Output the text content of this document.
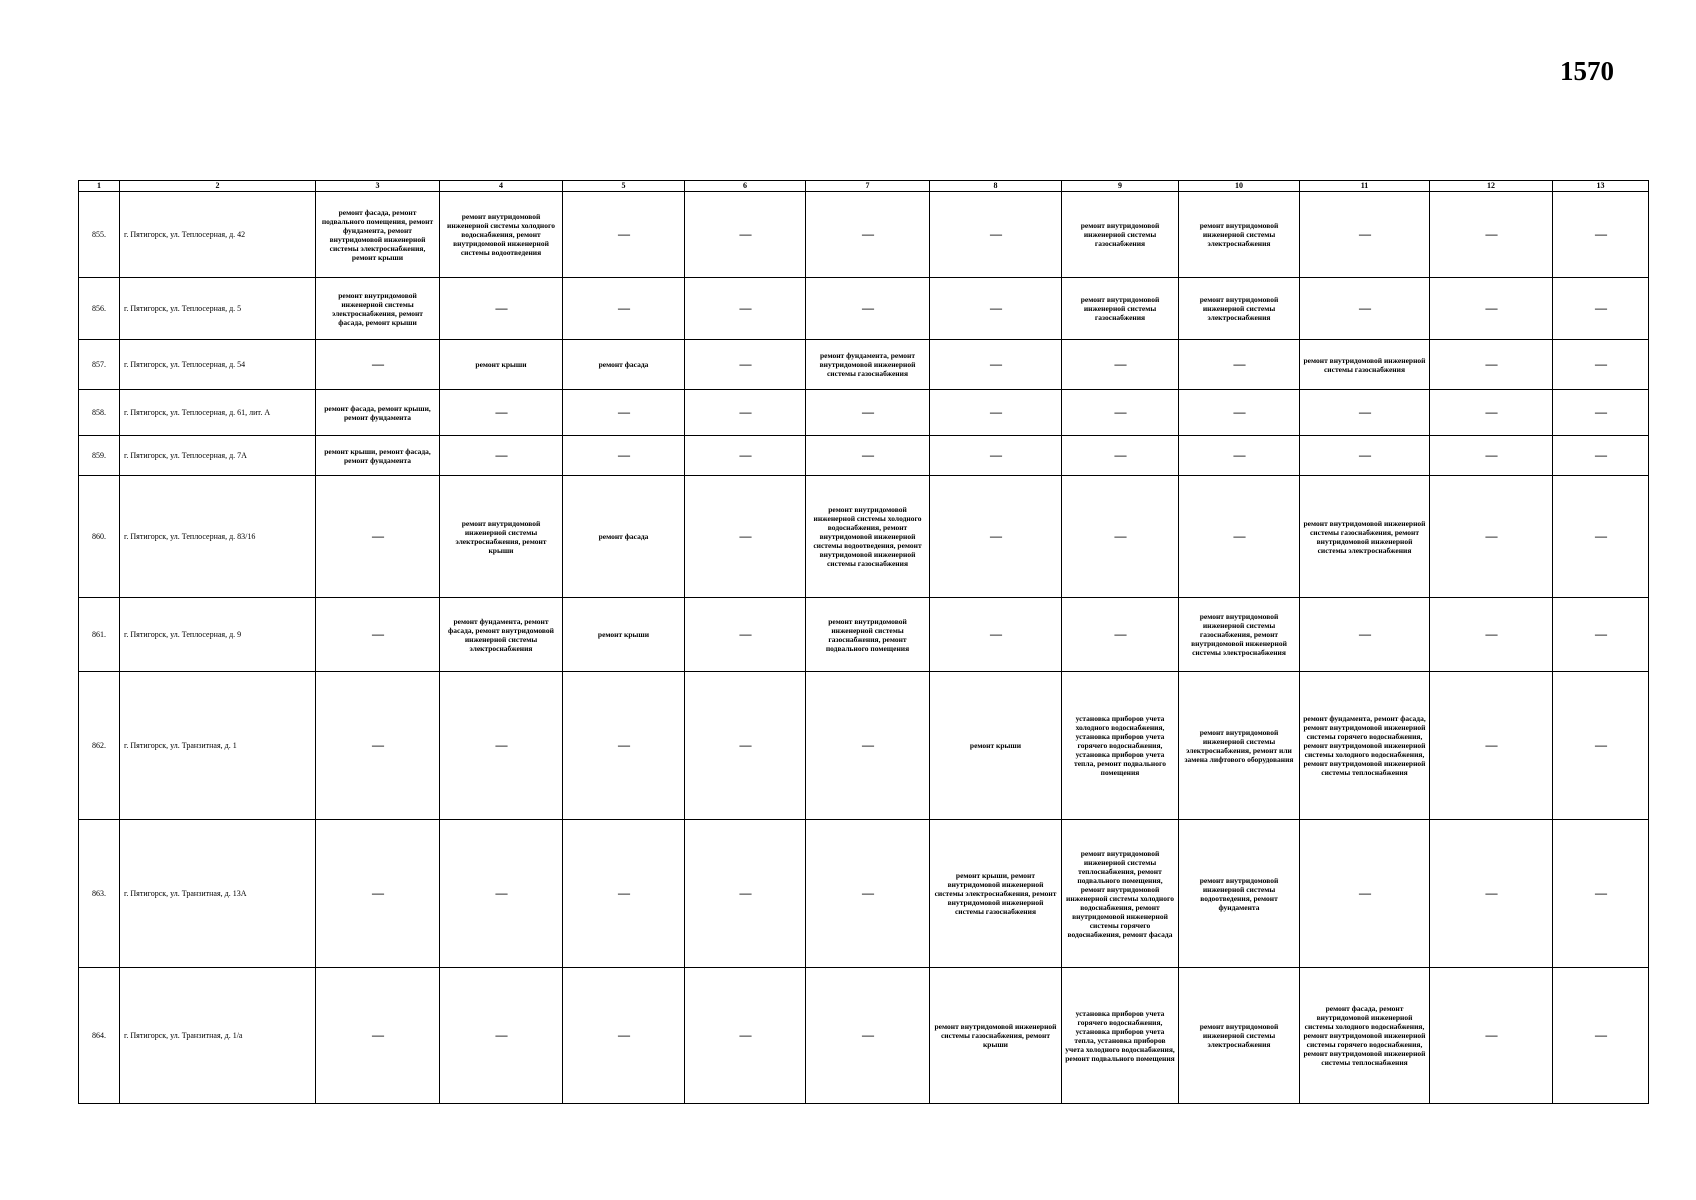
1570
1	2	3	4	5	6	7	8	9	10	11	12	13
855.	г. Пятигорск, ул. Теплосерная, д. 42	ремонт фасада, ремонт подвального помещения, ремонт фундамента, ремонт внутридомовой инженерной системы электроснабжения, ремонт крыши	ремонт внутридомовой инженерной системы холодного водоснабжения, ремонт внутридомовой инженерной системы водоотведения	—	—	—	—	ремонт внутридомовой инженерной системы газоснабжения	ремонт внутридомовой инженерной системы электроснабжения	—	—	—
856.	г. Пятигорск, ул. Теплосерная, д. 5	ремонт внутридомовой инженерной системы электроснабжения, ремонт фасада, ремонт крыши	—	—	—	—	—	ремонт внутридомовой инженерной системы газоснабжения	ремонт внутридомовой инженерной системы электроснабжения	—	—	—
857.	г. Пятигорск, ул. Теплосерная, д. 54	—	ремонт крыши	ремонт фасада	—	ремонт фундамента, ремонт внутридомовой инженерной системы газоснабжения	—	—	—	ремонт внутридомовой инженерной системы газоснабжения	—	—
858.	г. Пятигорск, ул. Теплосерная, д. 61, лит. А	ремонт фасада, ремонт крыши, ремонт фундамента	—	—	—	—	—	—	—	—	—	—
859.	г. Пятигорск, ул. Теплосерная, д. 7А	ремонт крыши, ремонт фасада, ремонт фундамента	—	—	—	—	—	—	—	—	—	—
860.	г. Пятигорск, ул. Теплосерная, д. 83/16	—	ремонт внутридомовой инженерной системы электроснабжения, ремонт крыши	ремонт фасада	—	ремонт внутридомовой инженерной системы холодного водоснабжения, ремонт внутридомовой инженерной системы водоотведения, ремонт внутридомовой инженерной системы газоснабжения	—	—	—	ремонт внутридомовой инженерной системы газоснабжения, ремонт внутридомовой инженерной системы электроснабжения	—	—
861.	г. Пятигорск, ул. Теплосерная, д. 9	—	ремонт фундамента, ремонт фасада, ремонт внутридомовой инженерной системы электроснабжения	ремонт крыши	—	ремонт внутридомовой инженерной системы газоснабжения, ремонт подвального помещения	—	—	ремонт внутридомовой инженерной системы газоснабжения, ремонт внутридомовой инженерной системы электроснабжения	—	—	—
862.	г. Пятигорск, ул. Транзитная, д. 1	—	—	—	—	—	ремонт крыши	установка приборов учета холодного водоснабжения, установка приборов учета горячего водоснабжения, установка приборов учета тепла, ремонт подвального помещения	ремонт внутридомовой инженерной системы электроснабжения, ремонт или замена лифтового оборудования	ремонт фундамента, ремонт фасада, ремонт внутридомовой инженерной системы горячего водоснабжения, ремонт внутридомовой инженерной системы холодного водоснабжения, ремонт внутридомовой инженерной системы теплоснабжения	—	—
863.	г. Пятигорск, ул. Транзитная, д. 13А	—	—	—	—	—	ремонт крыши, ремонт внутридомовой инженерной системы электроснабжения, ремонт внутридомовой инженерной системы газоснабжения	ремонт внутридомовой инженерной системы теплоснабжения, ремонт подвального помещения, ремонт внутридомовой инженерной системы холодного водоснабжения, ремонт внутридомовой инженерной системы горячего водоснабжения, ремонт фасада	ремонт внутридомовой инженерной системы водоотведения, ремонт фундамента	—	—	—
864.	г. Пятигорск, ул. Транзитная, д. 1/а	—	—	—	—	—	ремонт внутридомовой инженерной системы газоснабжения, ремонт крыши	установка приборов учета горячего водоснабжения, установка приборов учета тепла, установка приборов учета холодного водоснабжения, ремонт подвального помещения	ремонт внутридомовой инженерной системы электроснабжения	ремонт фасада, ремонт внутридомовой инженерной системы холодного водоснабжения, ремонт внутридомовой инженерной системы горячего водоснабжения, ремонт внутридомовой инженерной системы теплоснабжения	—	—
